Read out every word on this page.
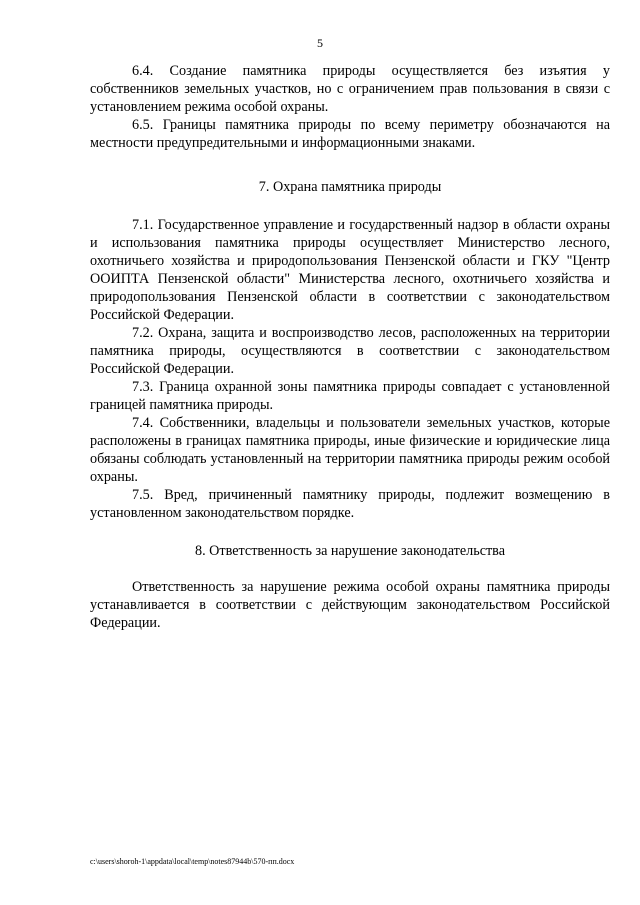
5

6.4. Создание памятника природы осуществляется без изъятия у собственников земельных участков, но с ограничением прав пользования в связи с установлением режима особой охраны.

6.5. Границы памятника природы по всему периметру обозначаются на местности предупредительными и информационными знаками.

7. Охрана памятника природы

7.1. Государственное управление и государственный надзор в области охраны и использования памятника природы осуществляет Министерство лесного, охотничьего хозяйства и природопользования Пензенской области и ГКУ "Центр ООИПТА Пензенской области" Министерства лесного, охотничьего хозяйства и природопользования Пензенской области в соответствии с законодательством Российской Федерации.

7.2. Охрана, защита и воспроизводство лесов, расположенных на территории памятника природы, осуществляются в соответствии с законодательством Российской Федерации.

7.3. Граница охранной зоны памятника природы совпадает с установленной границей памятника природы.

7.4. Собственники, владельцы и пользователи земельных участков, которые расположены в границах памятника природы, иные физические и юридические лица обязаны соблюдать установленный на территории памятника природы режим особой охраны.

7.5. Вред, причиненный памятнику природы, подлежит возмещению в установленном законодательством порядке.

8. Ответственность за нарушение законодательства

Ответственность за нарушение режима особой охраны памятника природы устанавливается в соответствии с действующим законодательством Российской Федерации.

c:\users\shoroh-1\appdata\local\temp\notes87944b\570-пп.docx
